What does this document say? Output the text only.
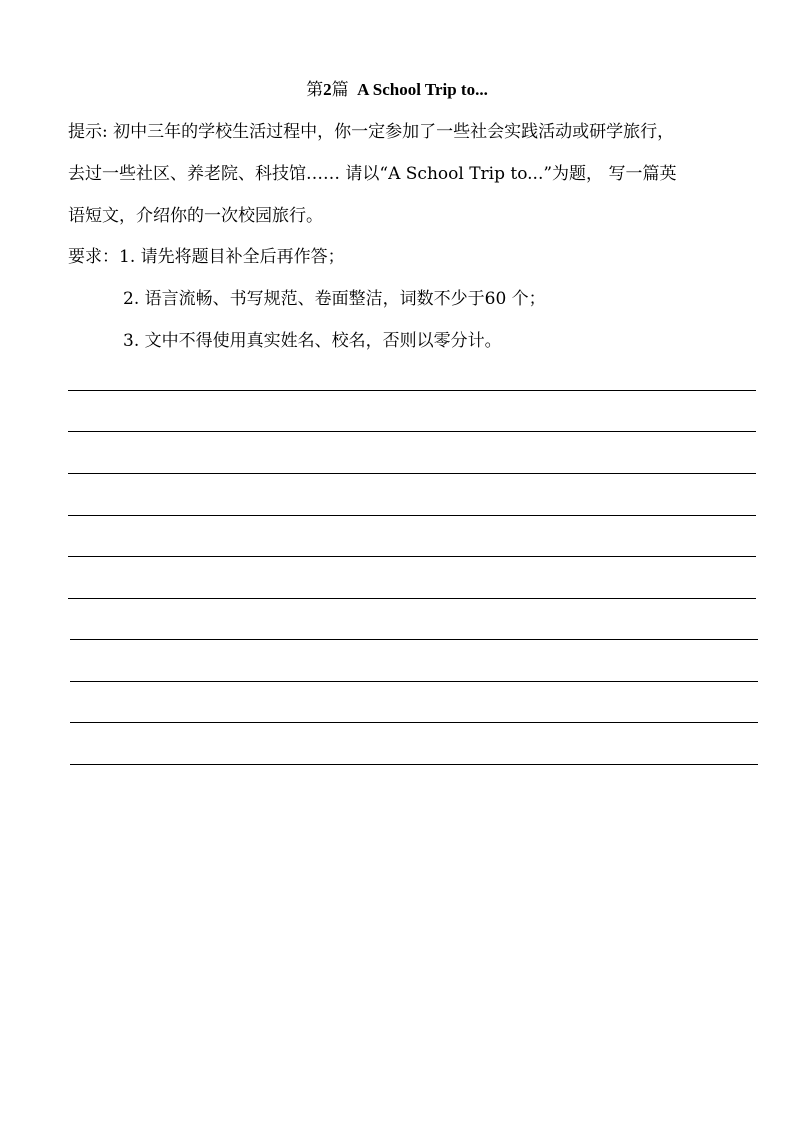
第2篇 A School Trip to...
提示: 初中三年的学校生活过程中，你一定参加了一些社会实践活动或研学旅行，
去过一些社区、养老院、科技馆…… 请以“A School Trip to...”为题， 写一篇英
语短文，介绍你的一次校园旅行。
要求：1. 请先将题目补全后再作答；
2. 语言流畅、书写规范、卷面整洁，词数不少于60 个；
3. 文中不得使用真实姓名、校名，否则以零分计。
